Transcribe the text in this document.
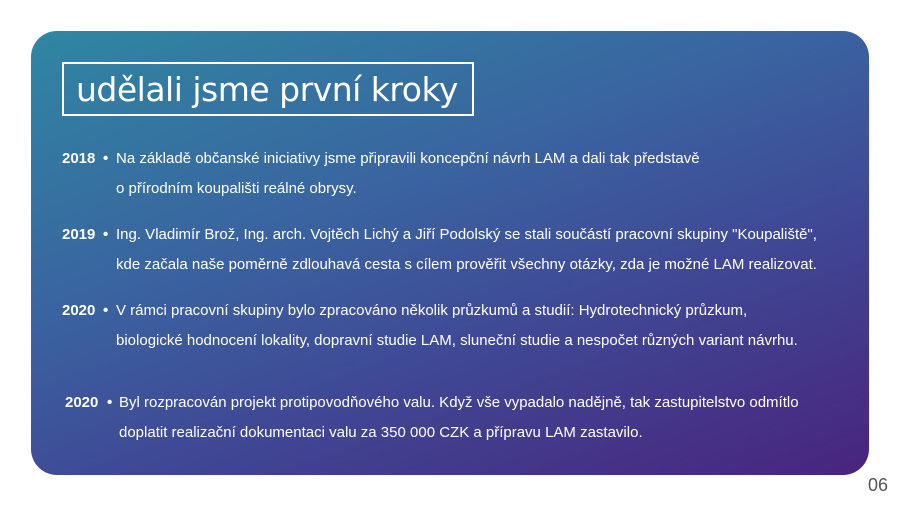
udělali jsme první kroky
2018 • Na základě občanské iniciativy jsme připravili koncepční návrh LAM a dali tak představě
o přírodním koupališti reálné obrysy.
2019 • Ing. Vladimír Brož, Ing. arch. Vojtěch Lichý a Jiří Podolský se stali součástí pracovní skupiny "Koupaliště",
kde začala naše poměrně zdlouhavá cesta s cílem prověřit všechny otázky, zda je možné LAM realizovat.
2020 • V rámci pracovní skupiny bylo zpracováno několik průzkumů a studií: Hydrotechnický průzkum,
biologické hodnocení lokality, dopravní studie LAM, sluneční studie a nespočet různých variant návrhu.
2020 • Byl rozpracován projekt protipovodňového valu. Když vše vypadalo nadějně, tak zastupitelstvo odmítlo
doplatit realizační dokumentaci valu za 350 000 CZK a přípravu LAM zastavilo.
06
